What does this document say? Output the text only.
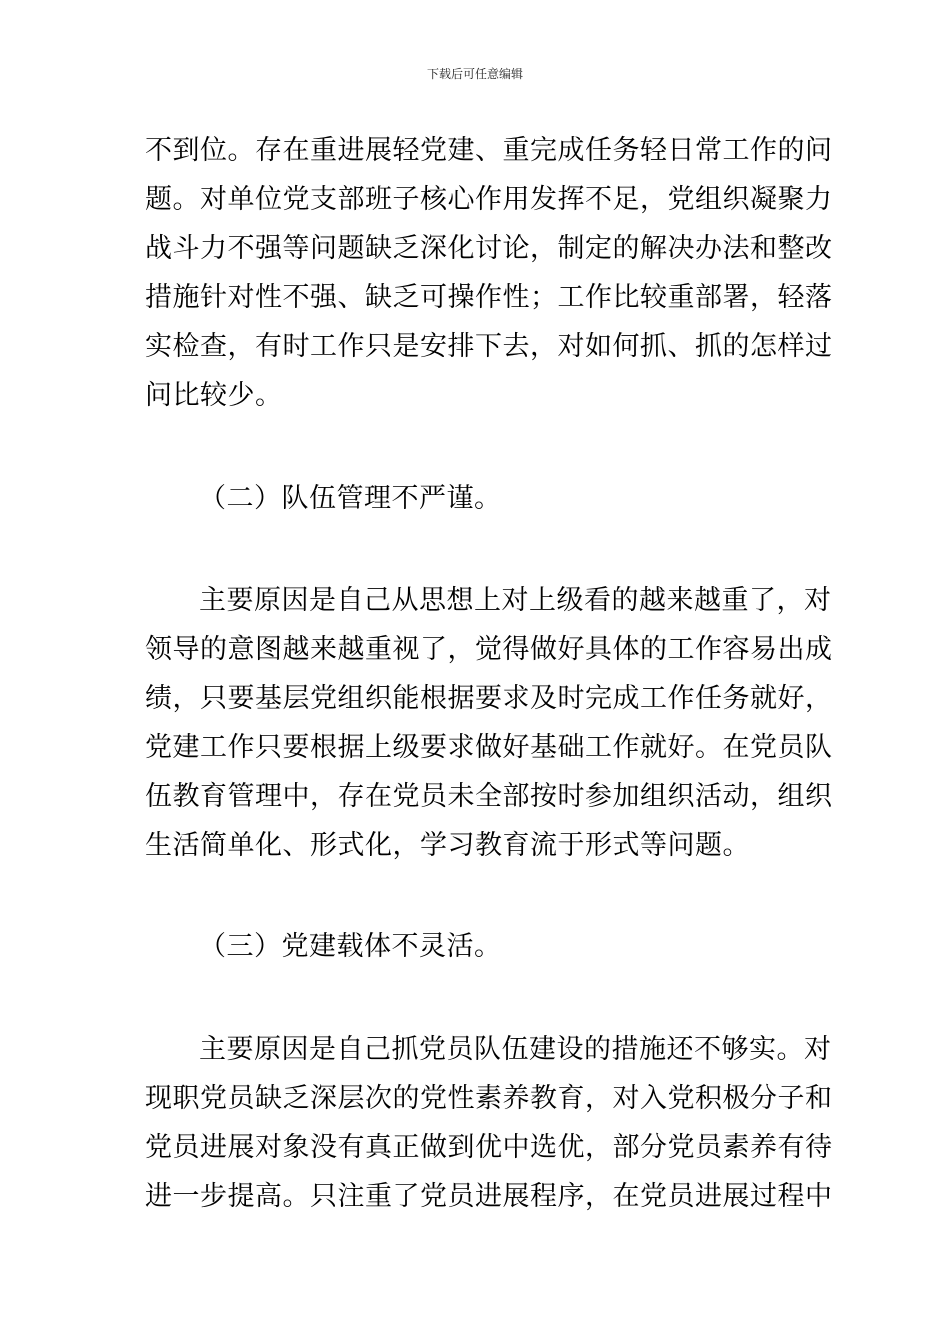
下载后可任意编辑
不到位。存在重进展轻党建、重完成任务轻日常工作的问
题。对单位党支部班子核心作用发挥不足，党组织凝聚力
战斗力不强等问题缺乏深化讨论，制定的解决办法和整改
措施针对性不强、缺乏可操作性；工作比较重部署，轻落
实检查，有时工作只是安排下去，对如何抓、抓的怎样过
问比较少。
（二）队伍管理不严谨。
主要原因是自己从思想上对上级看的越来越重了，对
领导的意图越来越重视了，觉得做好具体的工作容易出成
绩，只要基层党组织能根据要求及时完成工作任务就好，
党建工作只要根据上级要求做好基础工作就好。在党员队
伍教育管理中，存在党员未全部按时参加组织活动，组织
生活简单化、形式化，学习教育流于形式等问题。
（三）党建载体不灵活。
主要原因是自己抓党员队伍建设的措施还不够实。对
现职党员缺乏深层次的党性素养教育，对入党积极分子和
党员进展对象没有真正做到优中选优，部分党员素养有待
进一步提高。只注重了党员进展程序，在党员进展过程中
